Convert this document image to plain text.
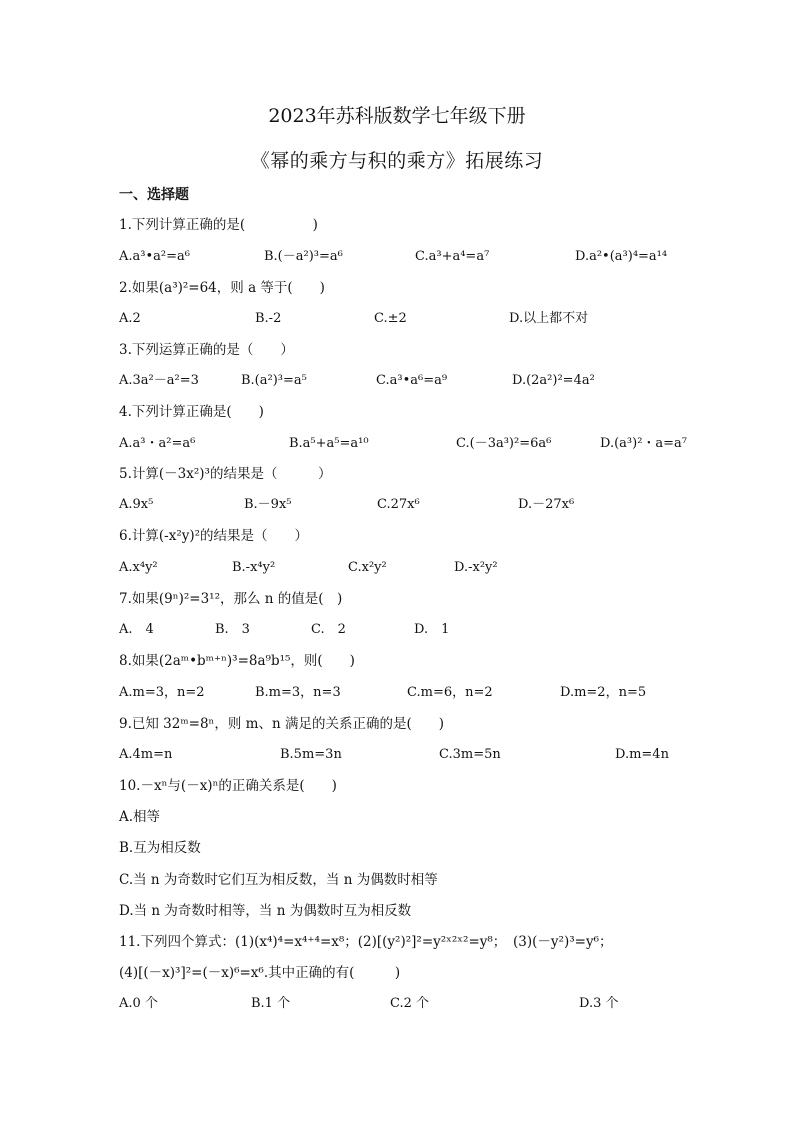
2023年苏科版数学七年级下册
《幂的乘方与积的乘方》拓展练习
一、选择题
1.下列计算正确的是(　　　　　)
A.a³•a²=a⁶	B.(－a²)³=a⁶	C.a³+a⁴=a⁷	D.a²•(a³)⁴=a¹⁴
2.如果(a³)²=64，则 a 等于(　　)
A.2	B.-2	C.±2	D.以上都不对
3.下列运算正确的是（　　）
A.3a²－a²=3	B.(a²)³=a⁵	C.a³•a⁶=a⁹	D.(2a²)²=4a²
4.下列计算正确是(　　)
A.a³・a²=a⁶	B.a⁵+a⁵=a¹⁰	C.(－3a³)²=6a⁶	D.(a³)²・a=a⁷
5.计算(－3x²)³的结果是（　　　）
A.9x⁵	B.－9x⁵	C.27x⁶	D.－27x⁶
6.计算(-x²y)²的结果是（　　）
A.x⁴y²	B.-x⁴y²	C.x²y²	D.-x²y²
7.如果(9ⁿ)²=3¹²，那么 n 的值是(　)
A.　4	B.　3	C.　2	D.　1
8.如果(2aᵐ•bᵐ⁺ⁿ)³=8a⁹b¹⁵，则(　　)
A.m=3，n=2	B.m=3，n=3	C.m=6，n=2	D.m=2，n=5
9.已知 32ᵐ=8ⁿ，则 m、n 满足的关系正确的是(　　)
A.4m=n	B.5m=3n	C.3m=5n	D.m=4n
10.－xⁿ与(－x)ⁿ的正确关系是(　　)
A.相等
B.互为相反数
C.当 n 为奇数时它们互为相反数，当 n 为偶数时相等
D.当 n 为奇数时相等，当 n 为偶数时互为相反数
11.下列四个算式：(1)(x⁴)⁴=x⁴⁺⁴=x⁸；(2)[(y²)²]²=y²ˣ²ˣ²=y⁸；　(3)(－y²)³=y⁶；
(4)[(－x)³]²=(－x)⁶=x⁶.其中正确的有(　　　)
A.0 个	B.1 个	C.2 个	D.3 个
